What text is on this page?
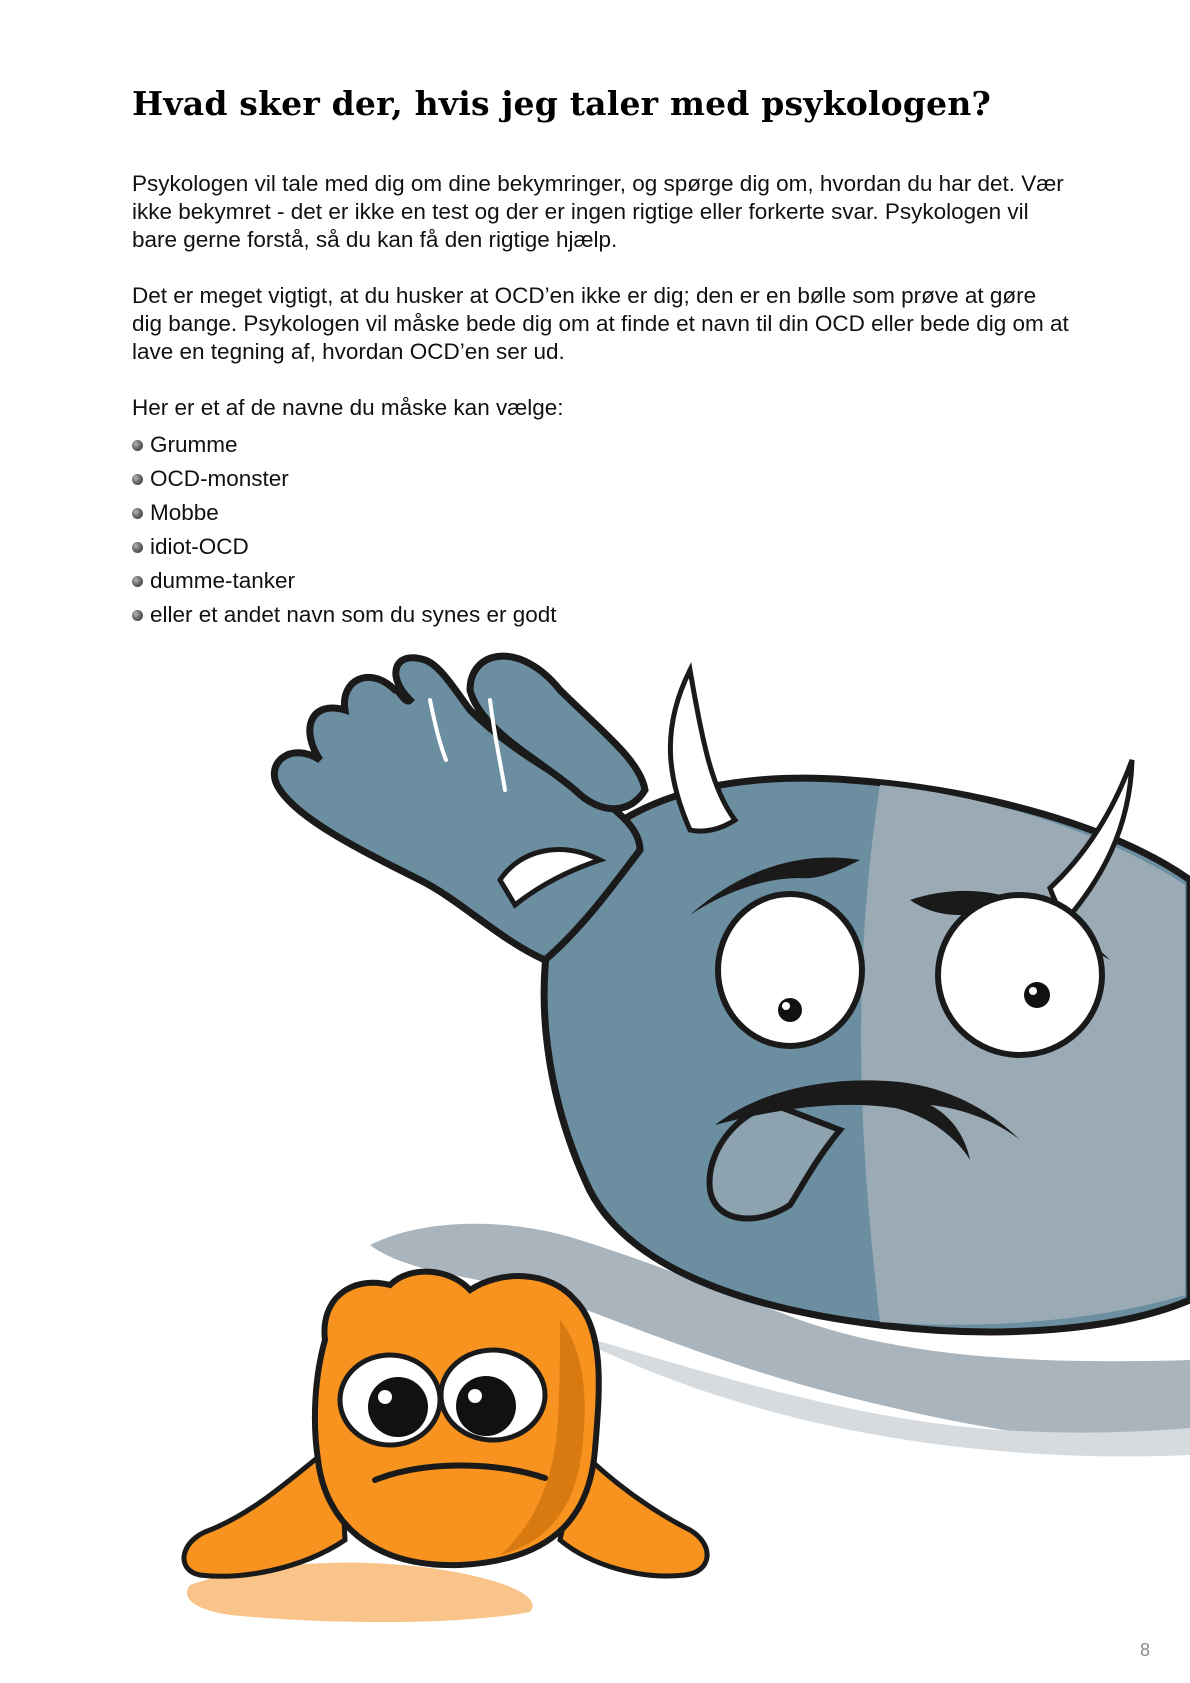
Hvad sker der, hvis jeg taler med psykologen?

Psykologen vil tale med dig om dine bekymringer, og spørge dig om, hvordan du har det. Vær ikke bekymret - det er ikke en test og der er ingen rigtige eller forkerte svar. Psykologen vil bare gerne forstå, så du kan få den rigtige hjælp.

Det er meget vigtigt, at du husker at OCD’en ikke er dig; den er en bølle som prøve at gøre dig bange. Psykologen vil måske bede dig om at finde et navn til din OCD eller bede dig om at lave en tegning af, hvordan OCD’en ser ud.

Her er et af de navne du måske kan vælge:

Grumme
OCD-monster
Mobbe
idiot-OCD
dumme-tanker
eller et andet navn som du synes er godt
8
